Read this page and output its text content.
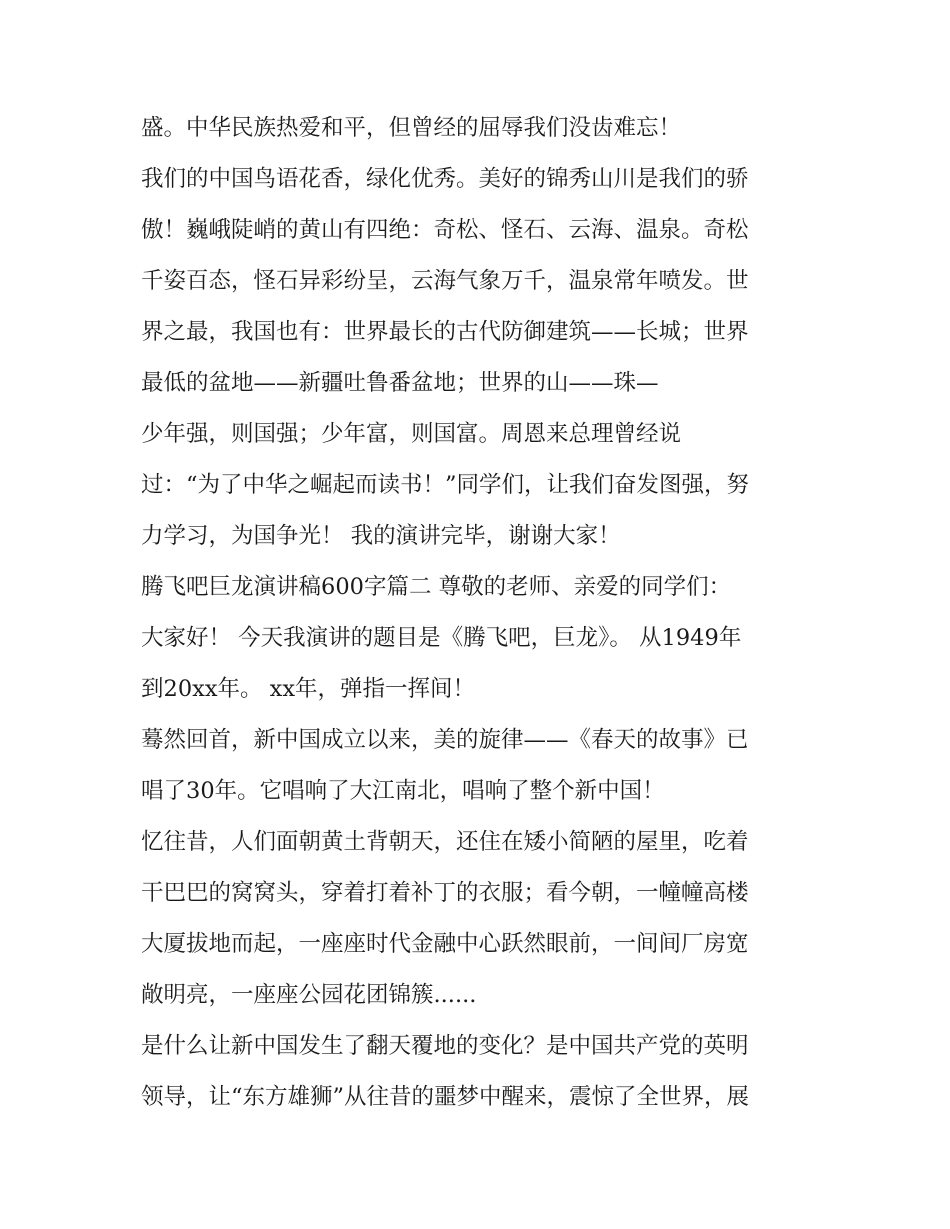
盛。中华民族热爱和平，但曾经的屈辱我们没齿难忘！
我们的中国鸟语花香，绿化优秀。美好的锦秀山川是我们的骄
傲！巍峨陡峭的黄山有四绝：奇松、怪石、云海、温泉。奇松
千姿百态，怪石异彩纷呈，云海气象万千，温泉常年喷发。世
界之最，我国也有：世界最长的古代防御建筑——长城；世界
最低的盆地——新疆吐鲁番盆地；世界的山——珠—
少年强，则国强；少年富，则国富。周恩来总理曾经说
过：“为了中华之崛起而读书！”同学们，让我们奋发图强，努
力学习，为国争光！ 我的演讲完毕，谢谢大家！
腾飞吧巨龙演讲稿600字篇二 尊敬的老师、亲爱的同学们：
大家好！ 今天我演讲的题目是《腾飞吧，巨龙》。 从1949年
到20xx年。 xx年，弹指一挥间！
蓦然回首，新中国成立以来，美的旋律——《春天的故事》已
唱了30年。它唱响了大江南北，唱响了整个新中国！
忆往昔，人们面朝黄土背朝天，还住在矮小简陋的屋里，吃着
干巴巴的窝窝头，穿着打着补丁的衣服；看今朝，一幢幢高楼
大厦拔地而起，一座座时代金融中心跃然眼前，一间间厂房宽
敞明亮，一座座公园花团锦簇......
是什么让新中国发生了翻天覆地的变化？是中国共产党的英明
领导，让“东方雄狮”从往昔的噩梦中醒来，震惊了全世界，展
